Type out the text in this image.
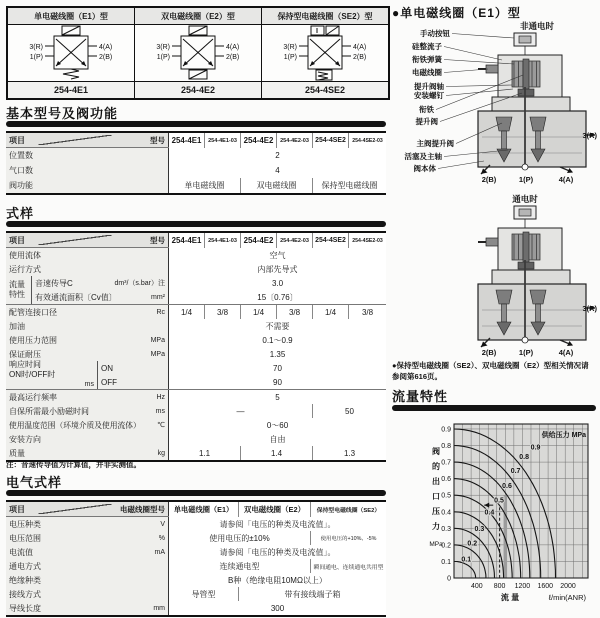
单电磁线圈（E1）型
3(R)
1(P)
4(A)
2(B)
254-4E1
双电磁线圈（E2）型
3(R)
1(P)
4(A)
2(B)
254-4E2
保持型电磁线圈（SE2）型
3(R)
1(P)
4(A)
2(B)
254-4SE2
基本型号及阀功能
项目	型号 254-4E1	254-4E1-03 254-4E2	254-4E2-03 254-4SE2	254-4SE2-03
位置数	2
气口数	4
阀功能	单电磁线圈	双电磁线圈	保持型电磁线圈
式样
项目	型号 254-4E1	254-4E1-03 254-4E2	254-4E2-03 254-4SE2	254-4SE2-03
使用流体	空气
运行方式	内部先导式
流量
特性
音速传导C	dm³/（s.bar）注	3.0
有效通流面积〔Cv值〕	mm²	15〔0.76〕
配管连接口径	Rc	1/4	3/8	1/4	3/8	1/4	3/8
加油	不需要
使用压力范围	MPa	0.1～0.9
保证耐压	MPa	1.35
响应时间
ON时/OFF时
ms
ON	70
OFF	90
最高运行频率	Hz	5
自保所需最小励磁时间	ms	—	50
使用温度范围（环境介质及使用流体） ℃	0～60
安装方向	自由
质量	kg	1.1	1.4	1.3
注：音速传导值为计算值，并非实测值。
电气式样
项目	电磁线圈型号	单电磁线圈（E1）	双电磁线圈（E2）	保持型电磁线圈（SE2）
电压种类	V	请参阅「电压的种类及电流值」。
电压范围	%	使用电压的±10%	使用电压的+10%、-5%
电流值	mA	请参阅「电压的种类及电流值」。
通电方式	连续通电型	瞬间通电、连续通电共用型
绝缘种类	B种（绝缘电阻10MΩ以上）
接线方式	导管型	带有接线端子箱
导线长度	mm	300
●单电磁线圈（E1）型
非通电时
3(R)
2(B)	1(P)	4(A)
手动按钮
硅整流子
衔铁弹簧
电磁线圈
提升阀轴
安装螺钉
衔铁
提升阀
主阀提升阀
活塞及主轴
阀本体
通电时
3(R)
2(B)	1(P)	4(A)
●保持型电磁线圈（SE2）、双电磁线圈（E2）型相关情况请参阅第616页。
流量特性
0.1
0.2
0.3
0.4
0.5
0.6
0.7
0.8
0.9
供给压力 MPa
0
0.1
0.2
0.3
0.4
0.5
0.6
0.7
0.8
0.9
400 800 1200 1600 2000
流 量	ℓ/min(ANR)
阀
的
出
口
压
力
MPa
